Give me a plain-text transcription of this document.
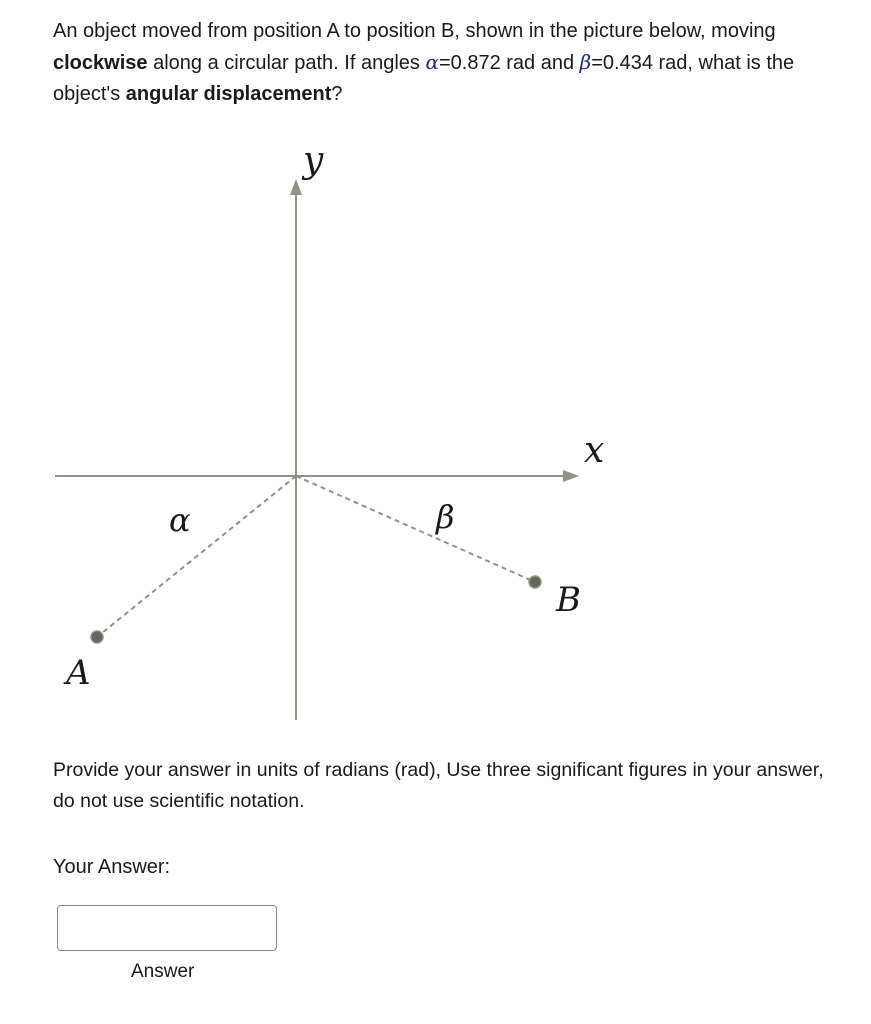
An object moved from position A to position B, shown in the picture below, moving clockwise along a circular path. If angles α=0.872 rad and β=0.434 rad, what is the object's angular displacement?
y
x
α	β
A
B
Provide your answer in units of radians (rad), Use three significant figures in your answer, do not use scientific notation.
Your Answer:
Answer
